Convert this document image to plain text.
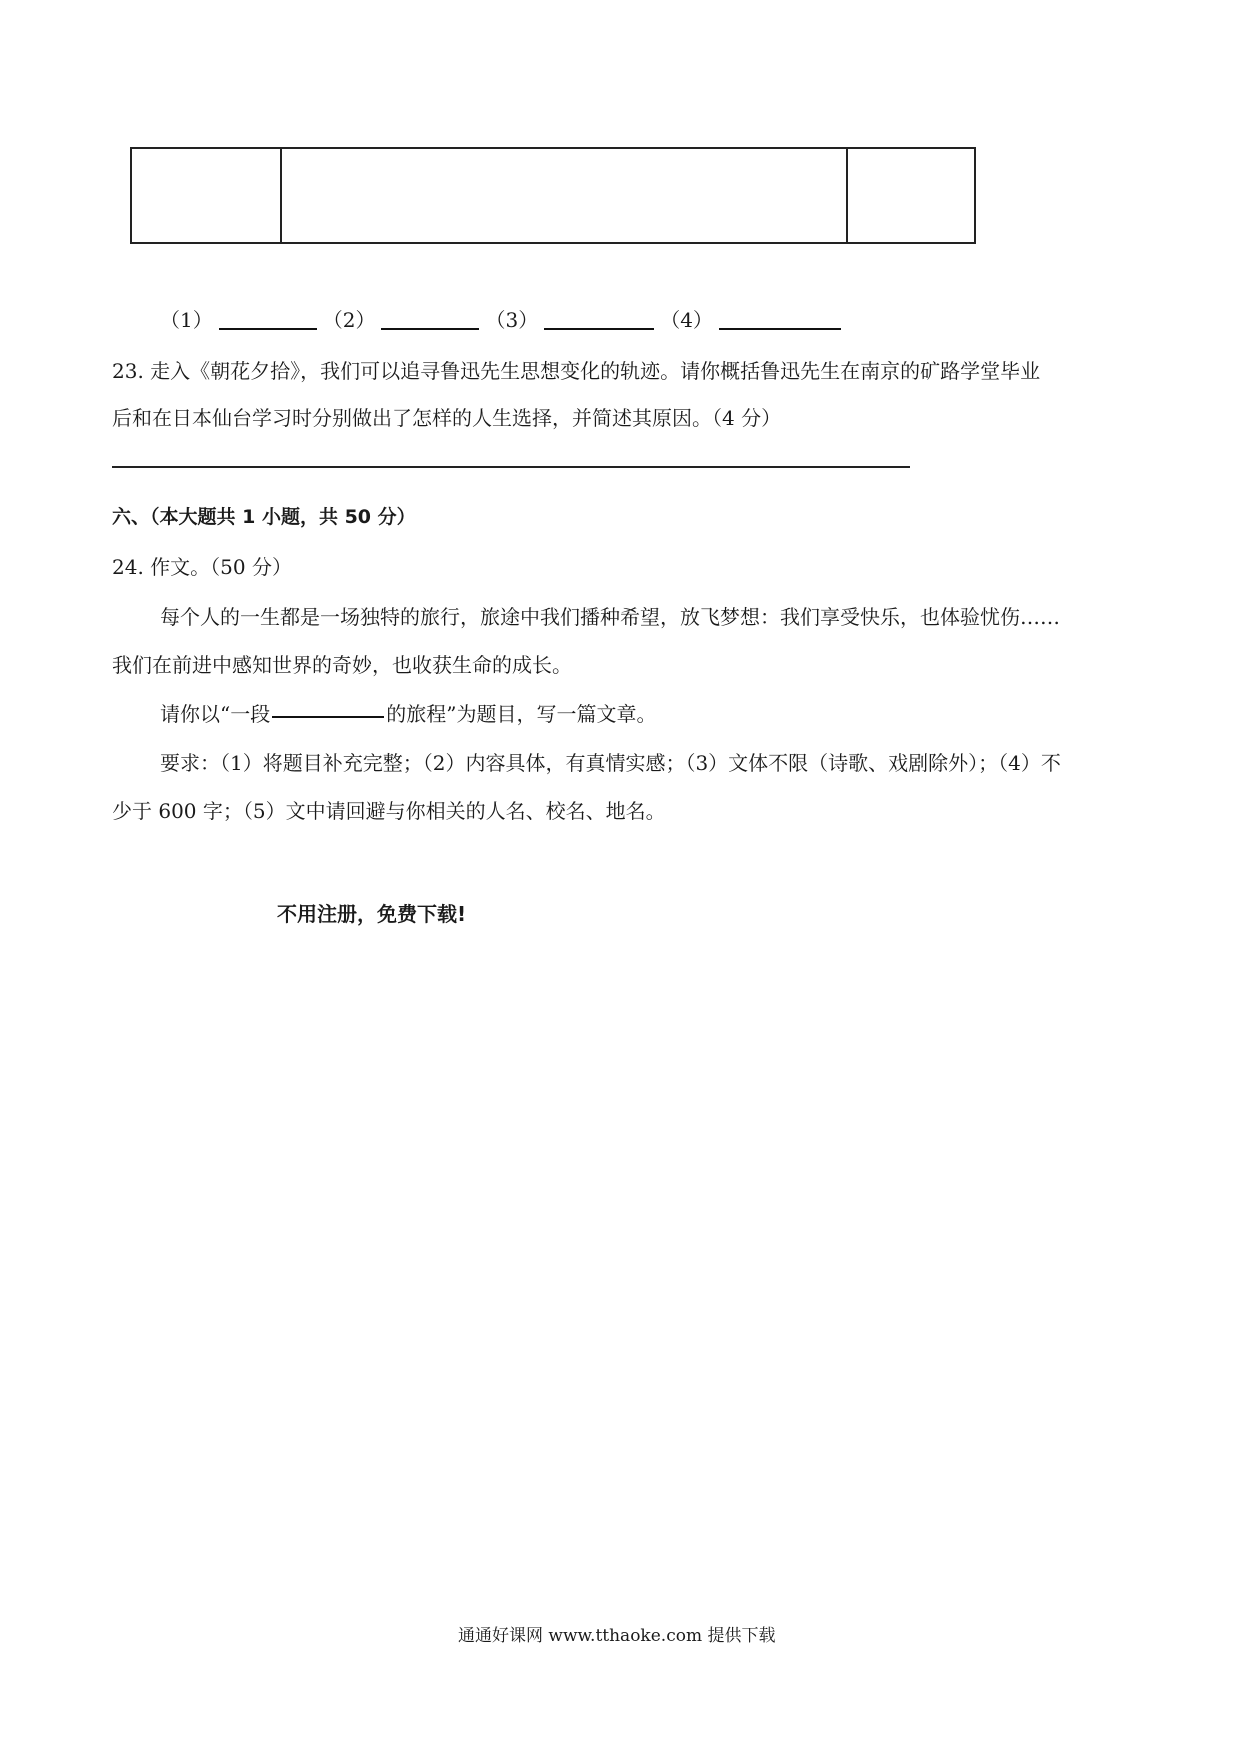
（1）	（2）	（3）	（4）
23. 走入《朝花夕拾》，我们可以追寻鲁迅先生思想变化的轨迹。请你概括鲁迅先生在南京的矿路学堂毕业
后和在日本仙台学习时分别做出了怎样的人生选择，并简述其原因。（4 分）
六、（本大题共 1 小题，共 50 分）
24. 作文。（50 分）
每个人的一生都是一场独特的旅行，旅途中我们播种希望，放飞梦想：我们享受快乐，也体验忧伤……
我们在前进中感知世界的奇妙，也收获生命的成长。
请你以“一段	的旅程”为题目，写一篇文章。
要求：（1）将题目补充完整；（2）内容具体，有真情实感；（3）文体不限（诗歌、戏剧除外）；（4）不
少于 600 字；（5）文中请回避与你相关的人名、校名、地名。
不用注册，免费下载!
通通好课网 www.tthaoke.com 提供下载
